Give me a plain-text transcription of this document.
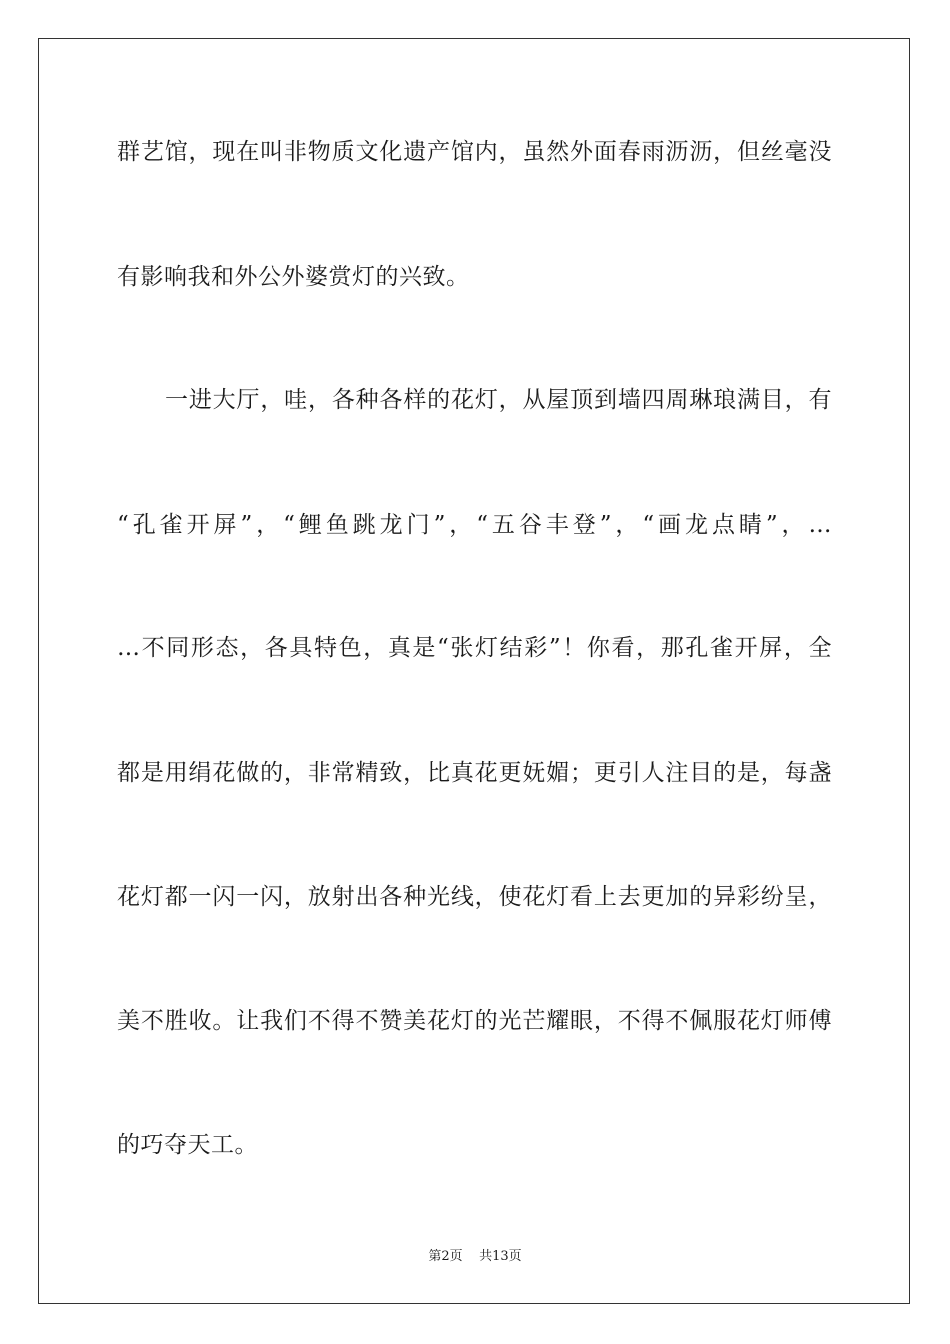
群艺馆，现在叫非物质文化遗产馆内，虽然外面春雨沥沥，但丝毫没
有影响我和外公外婆赏灯的兴致。
一进大厅，哇，各种各样的花灯，从屋顶到墙四周琳琅满目，有
“孔雀开屏”，“鲤鱼跳龙门”，“五谷丰登”，“画龙点睛”，…
…不同形态，各具特色，真是“张灯结彩”！你看，那孔雀开屏，全
都是用绢花做的，非常精致，比真花更妩媚；更引人注目的是，每盏
花灯都一闪一闪，放射出各种光线，使花灯看上去更加的异彩纷呈，
美不胜收。让我们不得不赞美花灯的光芒耀眼，不得不佩服花灯师傅
的巧夺天工。
第2页 共13页
